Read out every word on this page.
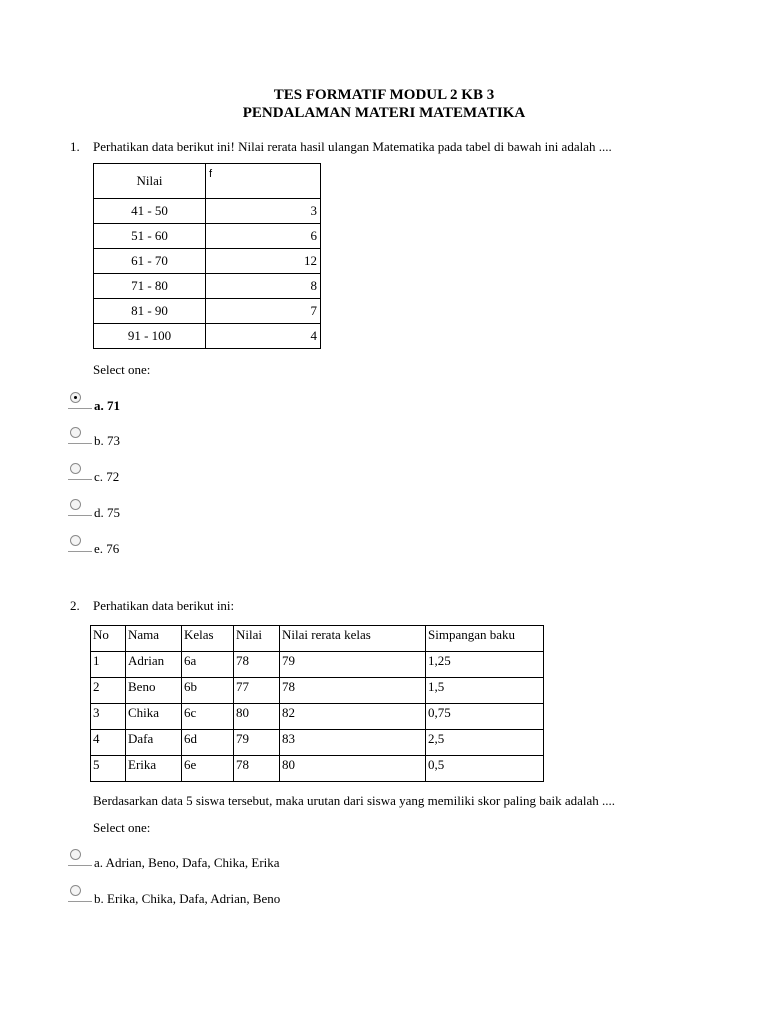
TES FORMATIF MODUL 2 KB 3
PENDALAMAN MATERI MATEMATIKA
1. Perhatikan data berikut ini! Nilai rerata hasil ulangan Matematika pada tabel di bawah ini adalah ....
Nilai	f
41 - 50	3
51 - 60	6
61 - 70	12
71 - 80	8
81 - 90	7
91 - 100	4
Select one:
a. 71
b. 73
c. 72
d. 75
e. 76
2. Perhatikan data berikut ini:
No	Nama	Kelas	Nilai	Nilai rerata kelas	Simpangan baku
1	Adrian	6a	78	79	1,25
2	Beno	6b	77	78	1,5
3	Chika	6c	80	82	0,75
4	Dafa	6d	79	83	2,5
5	Erika	6e	78	80	0,5
Berdasarkan data 5 siswa tersebut, maka urutan dari siswa yang memiliki skor paling baik adalah ....
Select one:
a. Adrian, Beno, Dafa, Chika, Erika
b. Erika, Chika, Dafa, Adrian, Beno
